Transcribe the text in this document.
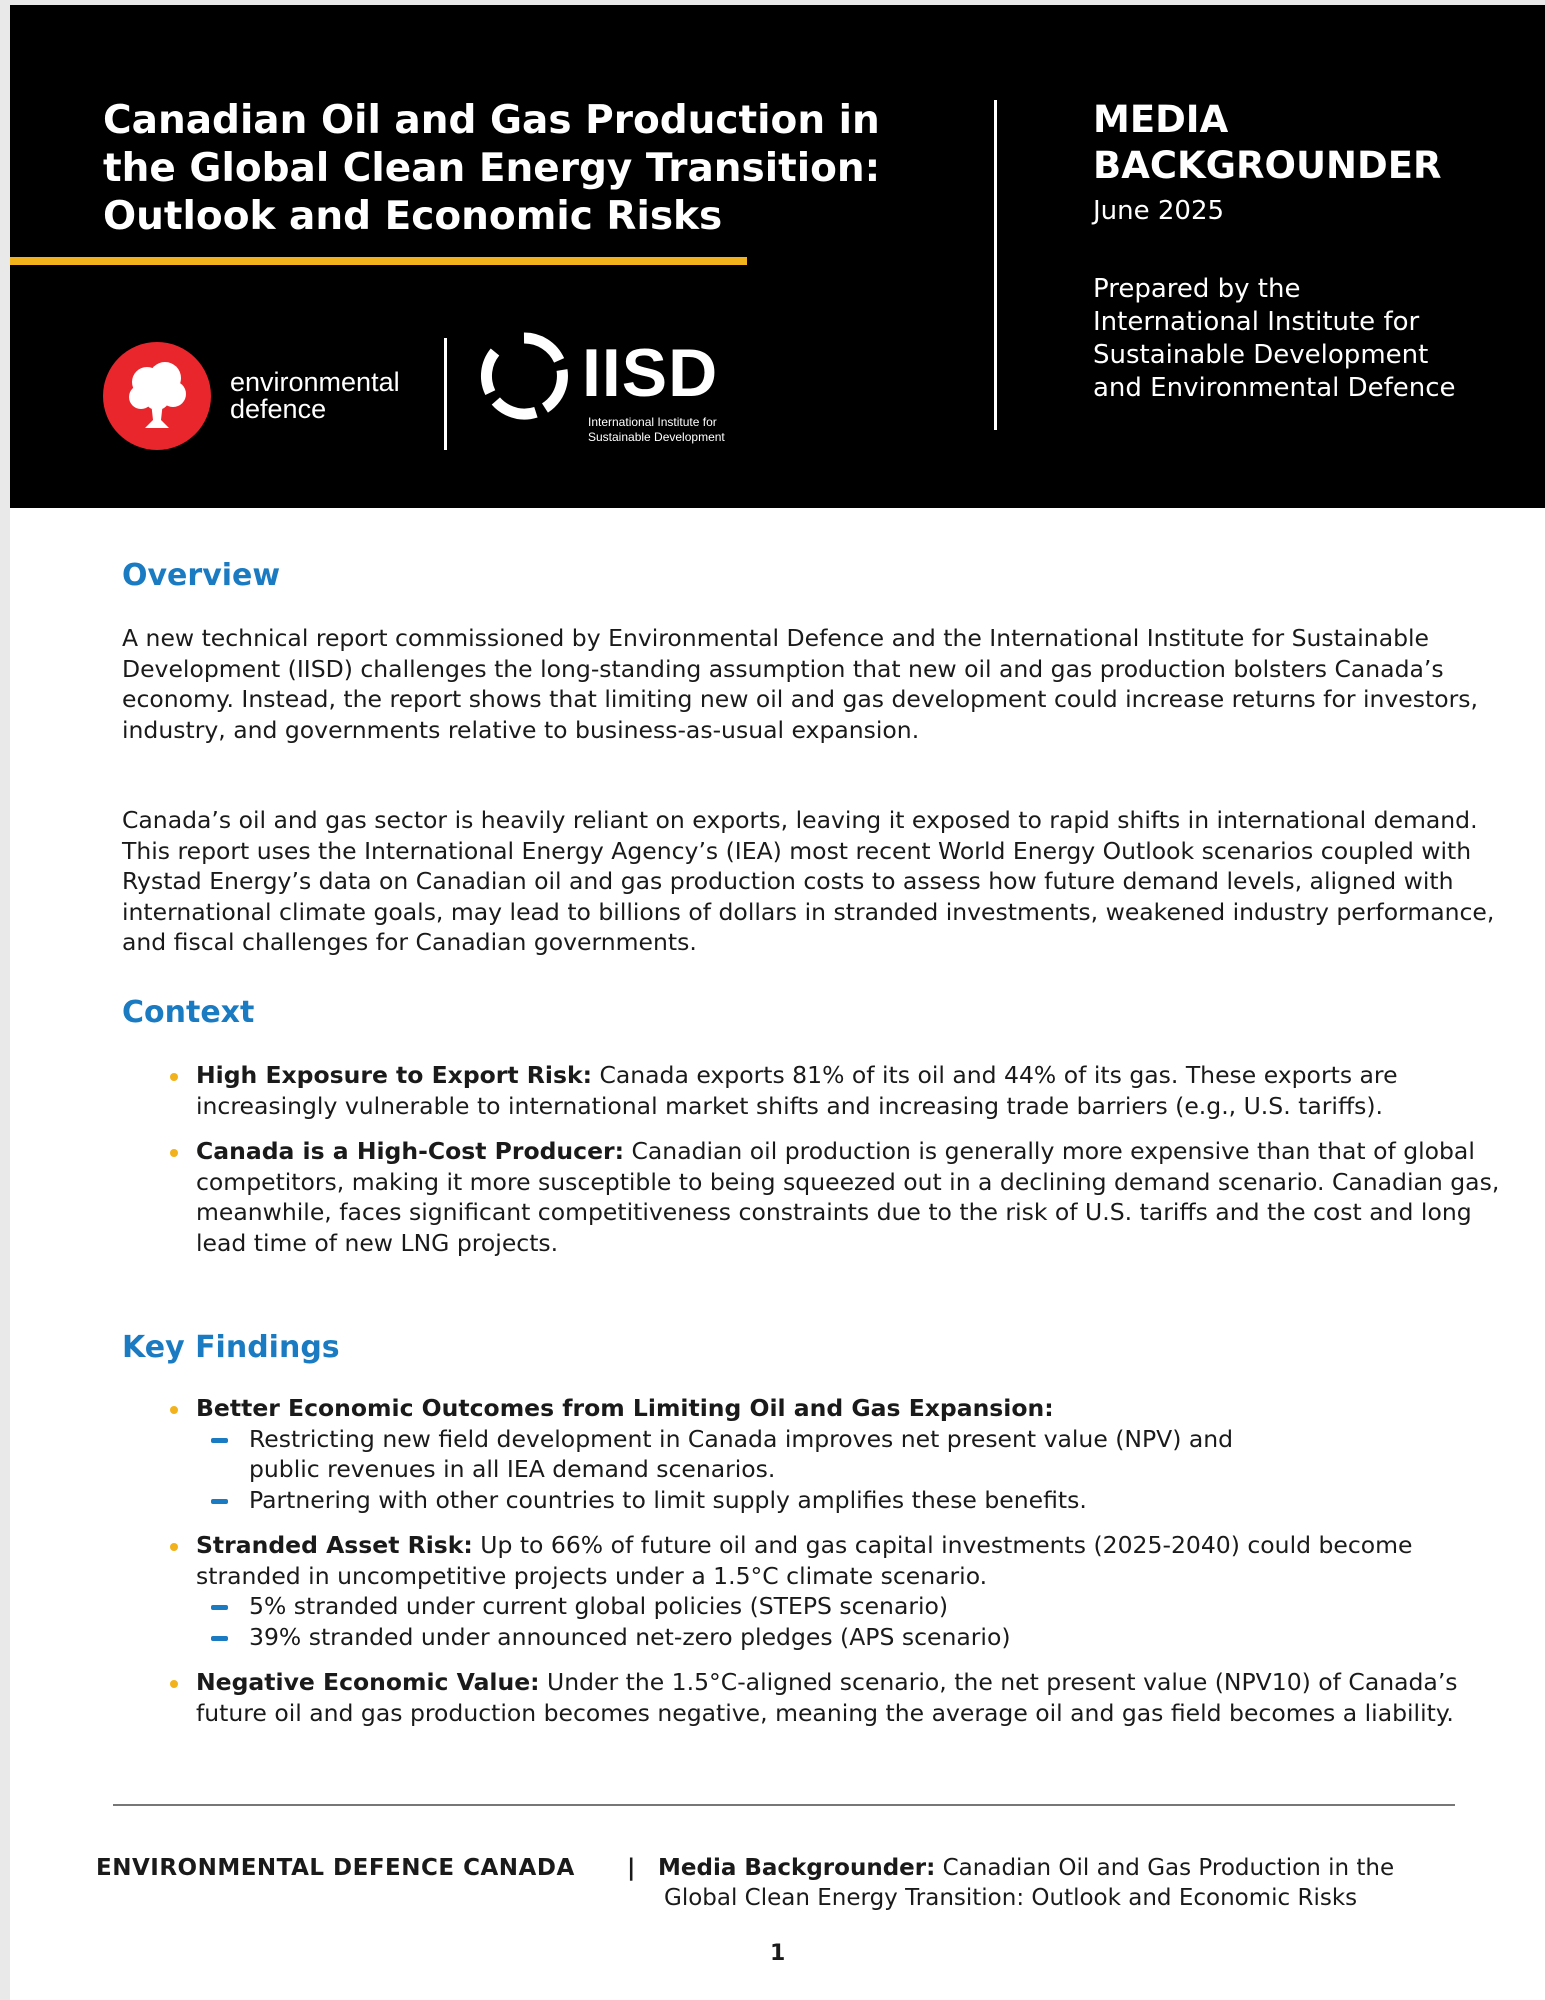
Canadian Oil and Gas Production in
the Global Clean Energy Transition:
Outlook and Economic Risks
environmental
defence	IISD
International Institute for
Sustainable Development
MEDIA
BACKGROUNDER
June 2025
Prepared by the
International Institute for
Sustainable Development
and Environmental Defence
Overview
A new technical report commissioned by Environmental Defence and the International Institute for Sustainable Development (IISD) challenges the long-standing assumption that new oil and gas production bolsters Canada’s economy. Instead, the report shows that limiting new oil and gas development could increase returns for investors, industry, and governments relative to business-as-usual expansion.
Canada’s oil and gas sector is heavily reliant on exports, leaving it exposed to rapid shifts in international demand. This report uses the International Energy Agency’s (IEA) most recent World Energy Outlook scenarios coupled with Rystad Energy’s data on Canadian oil and gas production costs to assess how future demand levels, aligned with international climate goals, may lead to billions of dollars in stranded investments, weakened industry performance, and fiscal challenges for Canadian governments.
Context
High Exposure to Export Risk: Canada exports 81% of its oil and 44% of its gas. These exports are increasingly vulnerable to international market shifts and increasing trade barriers (e.g., U.S. tariffs).
Canada is a High-Cost Producer: Canadian oil production is generally more expensive than that of global competitors, making it more susceptible to being squeezed out in a declining demand scenario. Canadian gas, meanwhile, faces significant competitiveness constraints due to the risk of U.S. tariffs and the cost and long lead time of new LNG projects.
Key Findings
Better Economic Outcomes from Limiting Oil and Gas Expansion:
Restricting new field development in Canada improves net present value (NPV) and public revenues in all IEA demand scenarios.
Partnering with other countries to limit supply amplifies these benefits.
Stranded Asset Risk: Up to 66% of future oil and gas capital investments (2025-2040) could become stranded in uncompetitive projects under a 1.5°C climate scenario.
5% stranded under current global policies (STEPS scenario)
39% stranded under announced net-zero pledges (APS scenario)
Negative Economic Value: Under the 1.5°C-aligned scenario, the net present value (NPV10) of Canada’s future oil and gas production becomes negative, meaning the average oil and gas field becomes a liability.
ENVIRONMENTAL DEFENCE CANADA | Media Backgrounder: Canadian Oil and Gas Production in the
Global Clean Energy Transition: Outlook and Economic Risks
1
